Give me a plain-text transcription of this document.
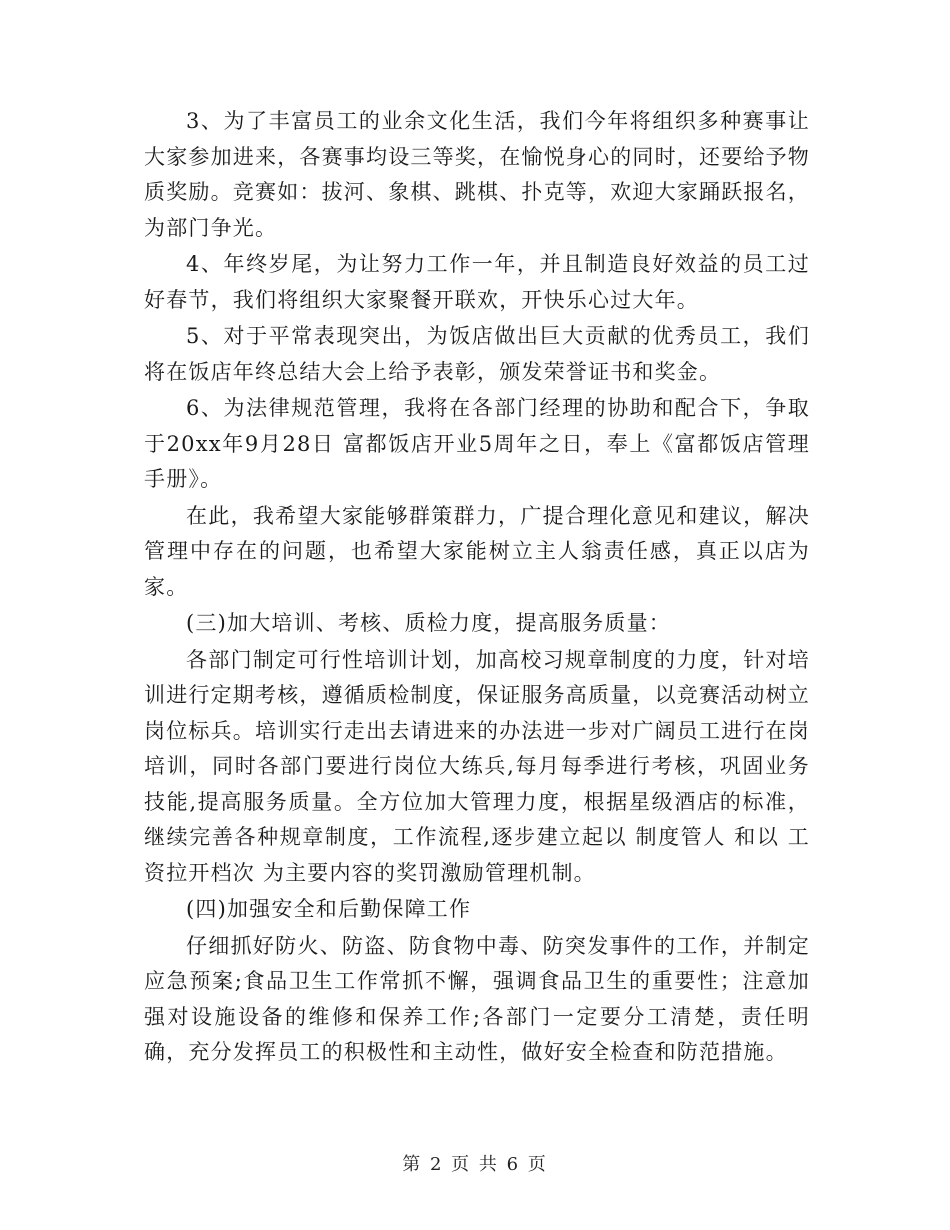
3、为了丰富员工的业余文化生活，我们今年将组织多种赛事让大家参加进来，各赛事均设三等奖，在愉悦身心的同时，还要给予物质奖励。竞赛如：拔河、象棋、跳棋、扑克等，欢迎大家踊跃报名，为部门争光。

4、年终岁尾，为让努力工作一年，并且制造良好效益的员工过好春节，我们将组织大家聚餐开联欢，开快乐心过大年。

5、对于平常表现突出，为饭店做出巨大贡献的优秀员工，我们将在饭店年终总结大会上给予表彰，颁发荣誉证书和奖金。

6、为法律规范管理，我将在各部门经理的协助和配合下，争取于20xx年9月28日 富都饭店开业5周年之日，奉上《富都饭店管理手册》。

在此，我希望大家能够群策群力，广提合理化意见和建议，解决管理中存在的问题，也希望大家能树立主人翁责任感，真正以店为家。

(三)加大培训、考核、质检力度，提高服务质量：

各部门制定可行性培训计划，加高校习规章制度的力度，针对培训进行定期考核，遵循质检制度，保证服务高质量，以竞赛活动树立岗位标兵。培训实行走出去请进来的办法进一步对广阔员工进行在岗培训，同时各部门要进行岗位大练兵,每月每季进行考核，巩固业务技能,提高服务质量。全方位加大管理力度，根据星级酒店的标准，继续完善各种规章制度，工作流程,逐步建立起以 制度管人 和以 工资拉开档次 为主要内容的奖罚激励管理机制。

(四)加强安全和后勤保障工作

仔细抓好防火、防盗、防食物中毒、防突发事件的工作，并制定应急预案;食品卫生工作常抓不懈，强调食品卫生的重要性；注意加强对设施设备的维修和保养工作;各部门一定要分工清楚，责任明确，充分发挥员工的积极性和主动性，做好安全检查和防范措施。

第 2 页 共 6 页
